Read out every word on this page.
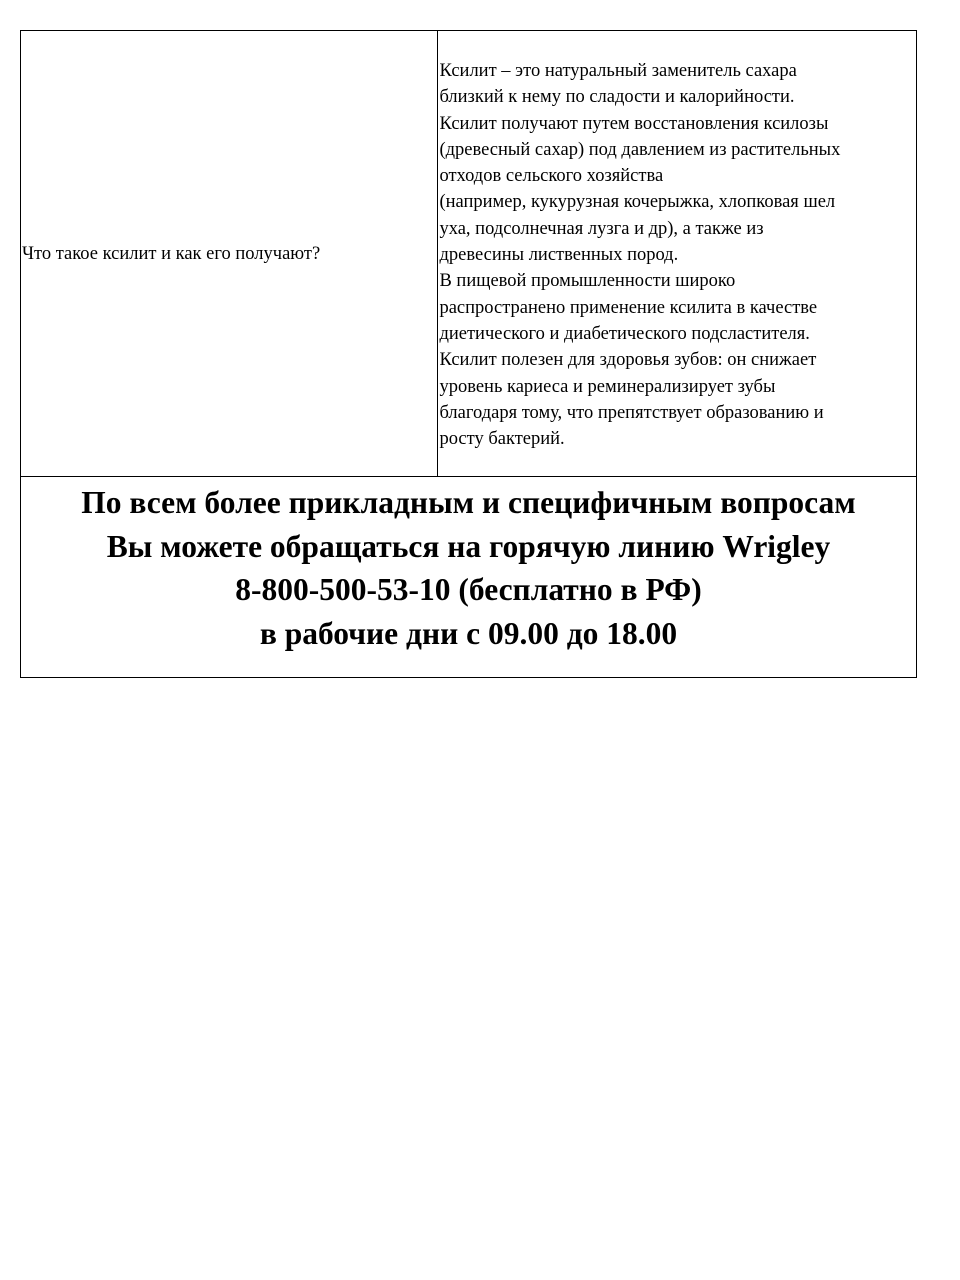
Что такое ксилит и как его получают?

Ксилит – это натуральный заменитель сахара
близкий к нему по сладости и калорийности.
Ксилит получают путем восстановления ксилозы
(древесный сахар) под давлением из растительных
отходов сельского хозяйства
(например, кукурузная кочерыжка, хлопковая шел
уха, подсолнечная лузга и др), а также из
древесины лиственных пород.
В пищевой промышленности широко
распространено применение ксилита в качестве
диетического и диабетического подсластителя.
Ксилит полезен для здоровья зубов: он снижает
уровень кариеса и реминерализирует зубы
благодаря тому, что препятствует образованию и
росту бактерий.

По всем более прикладным и специфичным вопросам
Вы можете обращаться на горячую линию Wrigley
8-800-500-53-10 (бесплатно в РФ)
в рабочие дни с 09.00 до 18.00
